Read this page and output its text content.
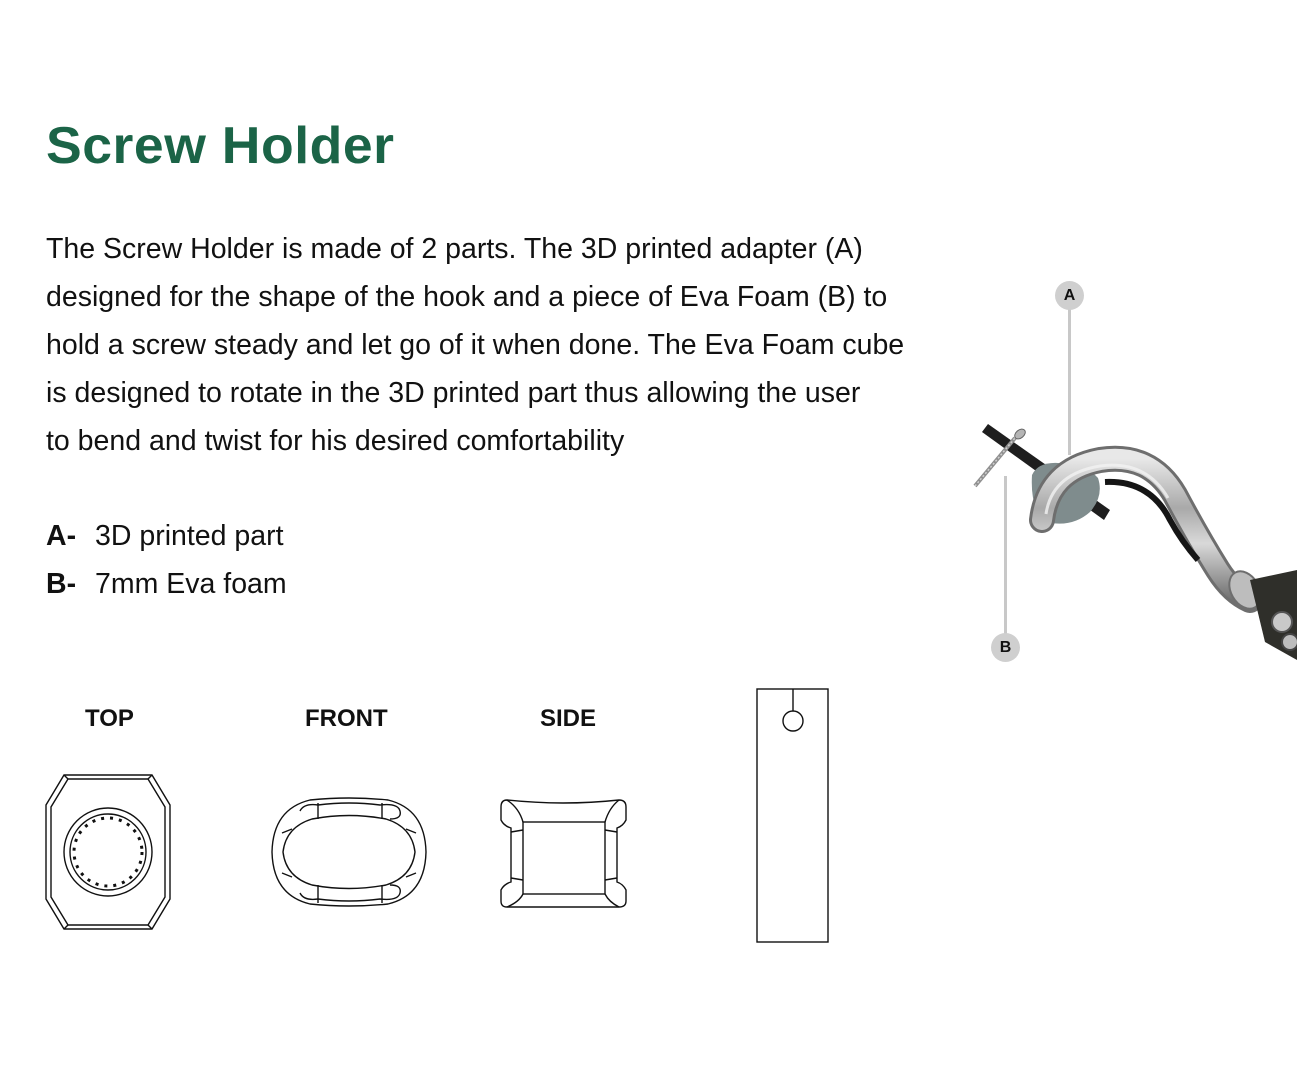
Screw Holder

The Screw Holder is made of 2 parts. The 3D printed adapter (A)
designed for the shape of the hook and a piece of Eva Foam (B) to
hold a screw steady and let go of it when done. The Eva Foam cube
is designed to rotate in the 3D printed part thus allowing the user
to bend and twist for his desired comfortability

A- 3D printed part
B- 7mm Eva foam
A
B
TOP	FRONT	SIDE
